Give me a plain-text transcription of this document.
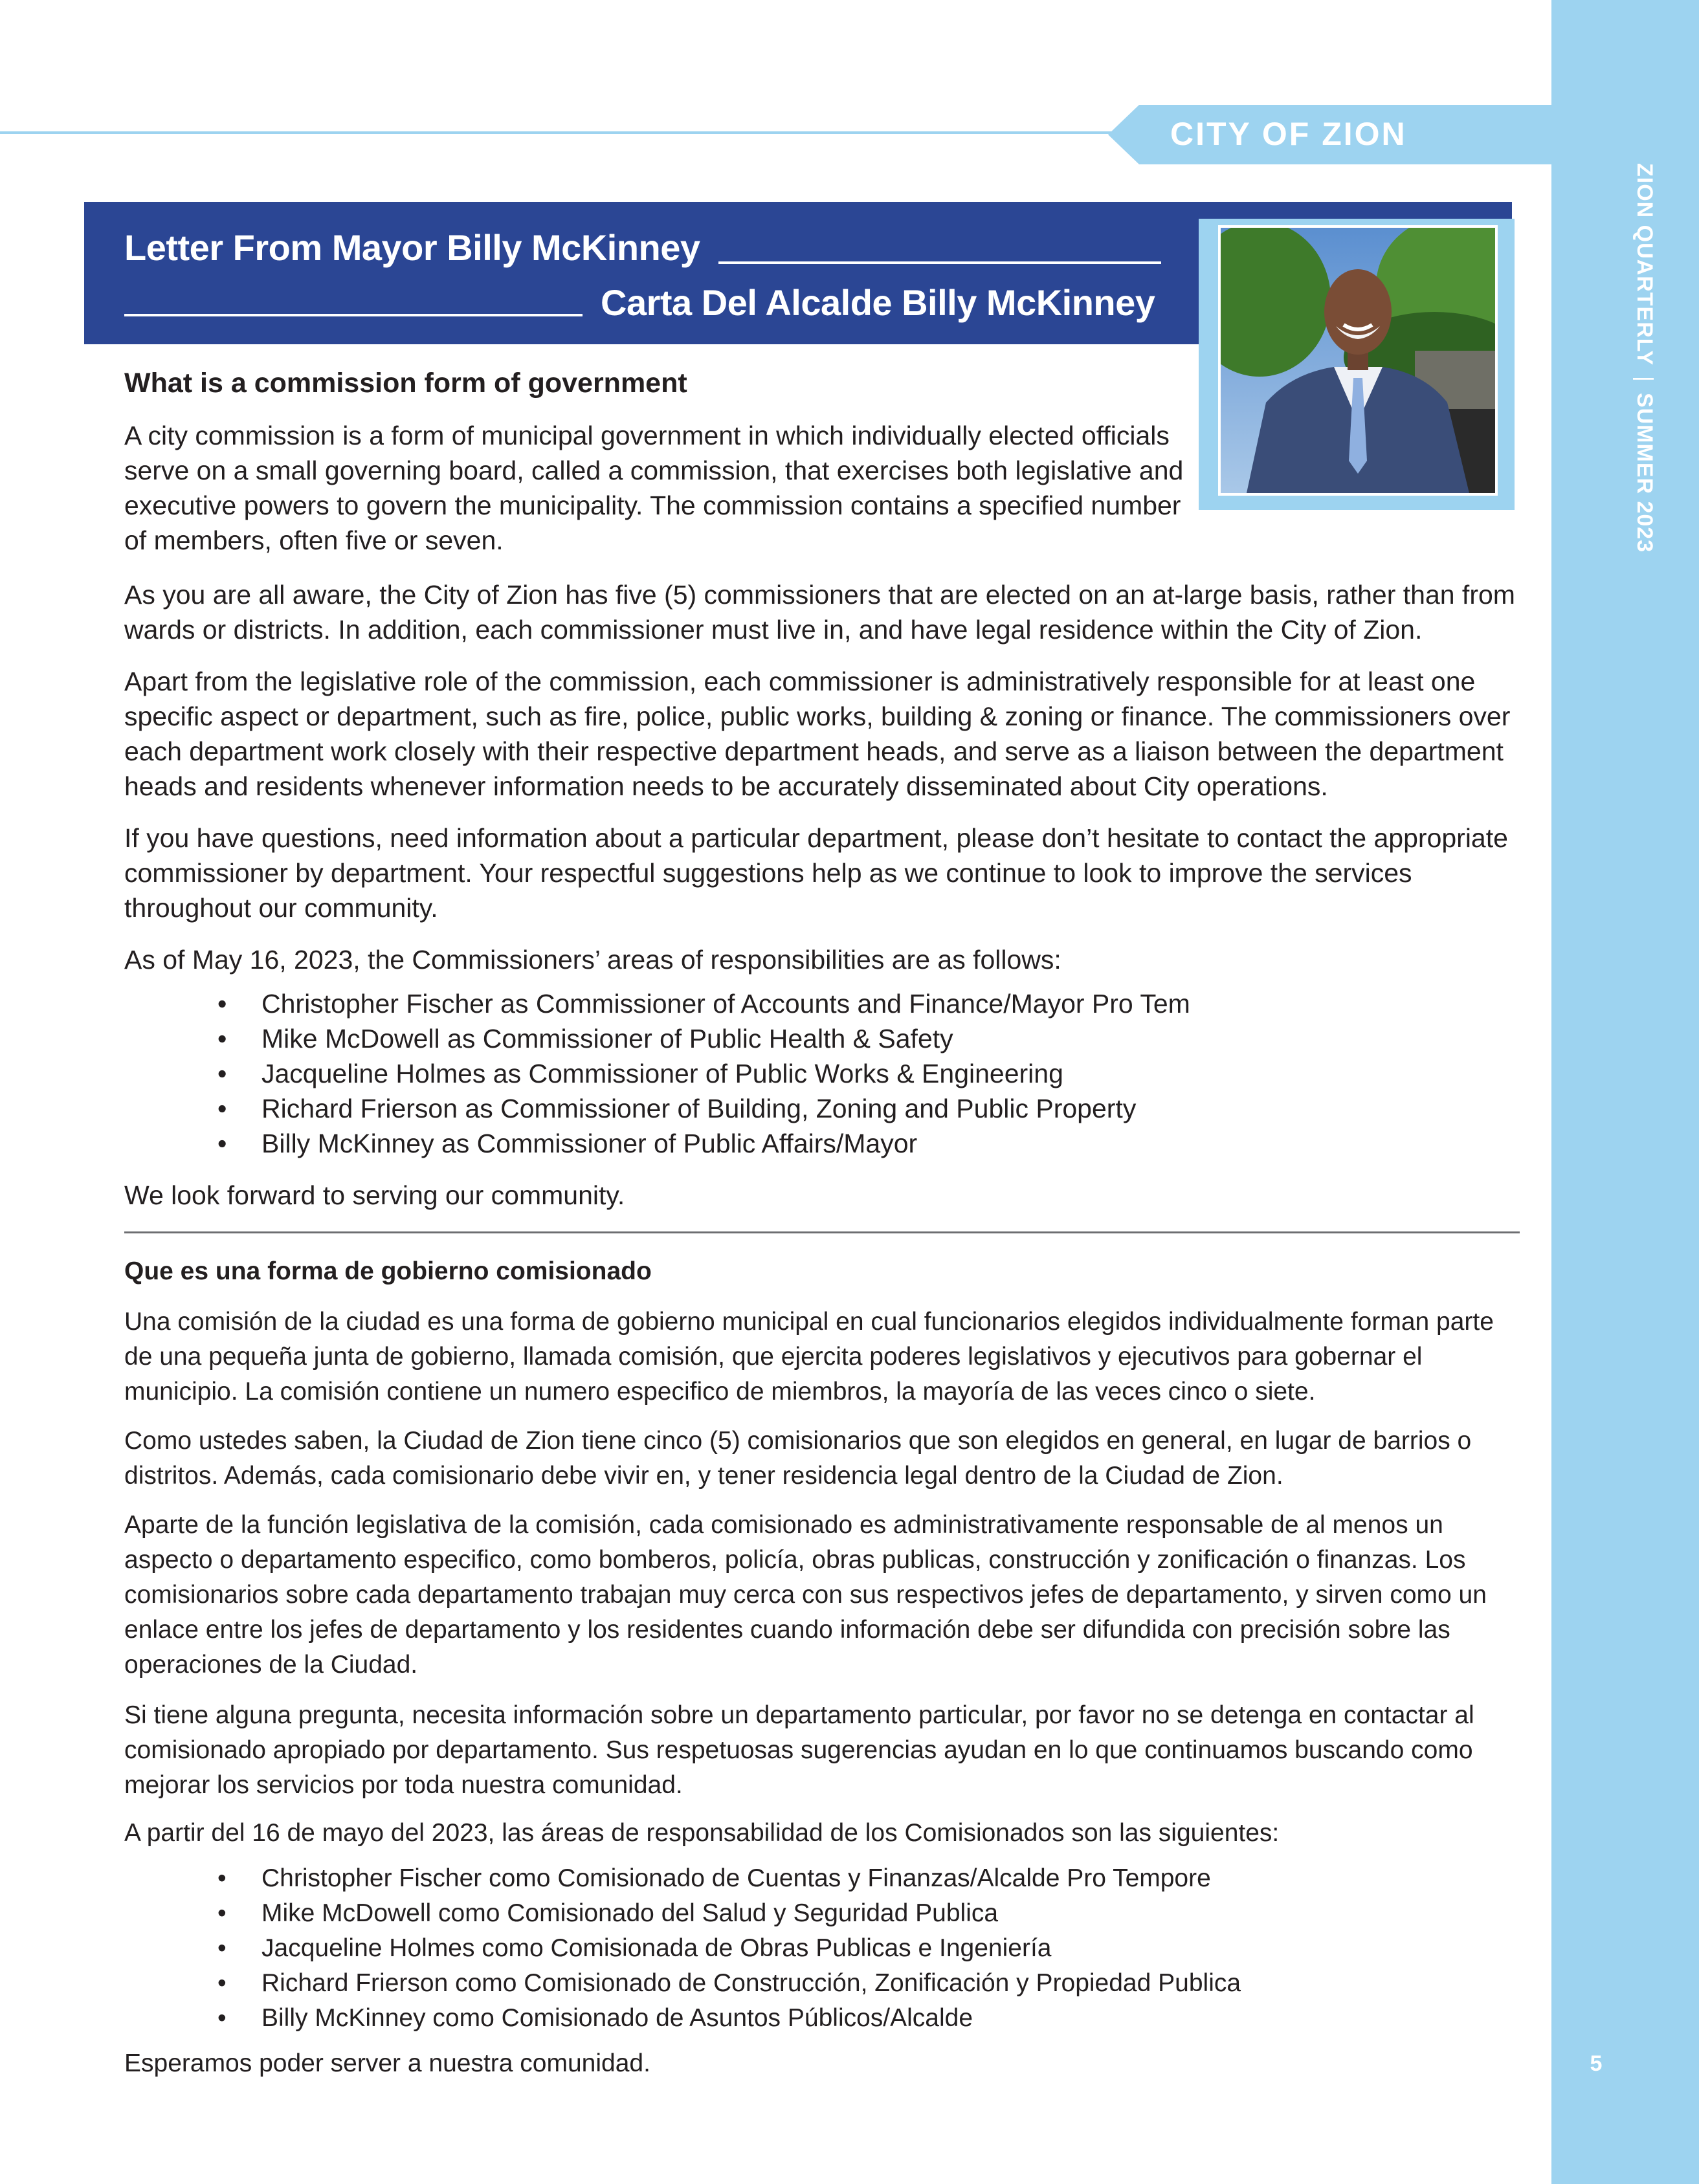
ZION QUARTERLY|SUMMER 2023
5
CITY OF ZION
Letter From Mayor Billy McKinney
Carta Del Alcalde Billy McKinney
What is a commission form of government

A city commission is a form of municipal government in which individually elected officials serve on a small governing board, called a commission, that exercises both legislative and executive powers to govern the municipality. The commission contains a specified number of members, often five or seven.

As you are all aware, the City of Zion has five (5) commissioners that are elected on an at-large basis, rather than from wards or districts. In addition, each commissioner must live in, and have legal residence within the City of Zion.

Apart from the legislative role of the commission, each commissioner is administratively responsible for at least one specific aspect or department, such as fire, police, public works, building & zoning or finance. The commissioners over each department work closely with their respective department heads, and serve as a liaison between the department heads and residents whenever information needs to be accurately disseminated about City operations.

If you have questions, need information about a particular department, please don’t hesitate to contact the appropriate commissioner by department. Your respectful suggestions help as we continue to look to improve the services throughout our community.

As of May 16, 2023, the Commissioners’ areas of responsibilities are as follows:

• Christopher Fischer as Commissioner of Accounts and Finance/Mayor Pro Tem
• Mike McDowell as Commissioner of Public Health & Safety
• Jacqueline Holmes as Commissioner of Public Works & Engineering
• Richard Frierson as Commissioner of Building, Zoning and Public Property
• Billy McKinney as Commissioner of Public Affairs/Mayor

We look forward to serving our community.

Que es una forma de gobierno comisionado

Una comisión de la ciudad es una forma de gobierno municipal en cual funcionarios elegidos individualmente forman parte de una pequeña junta de gobierno, llamada comisión, que ejercita poderes legislativos y ejecutivos para gobernar el municipio. La comisión contiene un numero especifico de miembros, la mayoría de las veces cinco o siete.

Como ustedes saben, la Ciudad de Zion tiene cinco (5) comisionarios que son elegidos en general, en lugar de barrios o distritos. Además, cada comisionario debe vivir en, y tener residencia legal dentro de la Ciudad de Zion.

Aparte de la función legislativa de la comisión, cada comisionado es administrativamente responsable de al menos un aspecto o departamento especifico, como bomberos, policía, obras publicas, construcción y zonificación o finanzas. Los comisionarios sobre cada departamento trabajan muy cerca con sus respectivos jefes de departamento, y sirven como un enlace entre los jefes de departamento y los residentes cuando información debe ser difundida con precisión sobre las operaciones de la Ciudad.

Si tiene alguna pregunta, necesita información sobre un departamento particular, por favor no se detenga en contactar al comisionado apropiado por departamento. Sus respetuosas sugerencias ayudan en lo que continuamos buscando como mejorar los servicios por toda nuestra comunidad.

A partir del 16 de mayo del 2023, las áreas de responsabilidad de los Comisionados son las siguientes:

• Christopher Fischer como Comisionado de Cuentas y Finanzas/Alcalde Pro Tempore
• Mike McDowell como Comisionado del Salud y Seguridad Publica
• Jacqueline Holmes como Comisionada de Obras Publicas e Ingeniería
• Richard Frierson como Comisionado de Construcción, Zonificación y Propiedad Publica
• Billy McKinney como Comisionado de Asuntos Públicos/Alcalde

Esperamos poder server a nuestra comunidad.
